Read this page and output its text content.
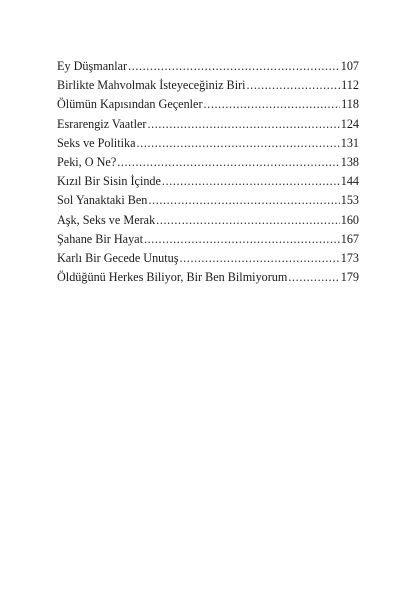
Ey Düşmanlar .....	107
Birlikte Mahvolmak İsteyeceğiniz Biri .....	112
Ölümün Kapısından Geçenler .....	118
Esrarengiz Vaatler .....	124
Seks ve Politika .....	131
Peki, O Ne? .....	138
Kızıl Bir Sisin İçinde .....	144
Sol Yanaktaki Ben .....	153
Aşk, Seks ve Merak .....	160
Şahane Bir Hayat .....	167
Karlı Bir Gecede Unutuş .....	173
Öldüğünü Herkes Biliyor, Bir Ben Bilmiyorum .....	179
